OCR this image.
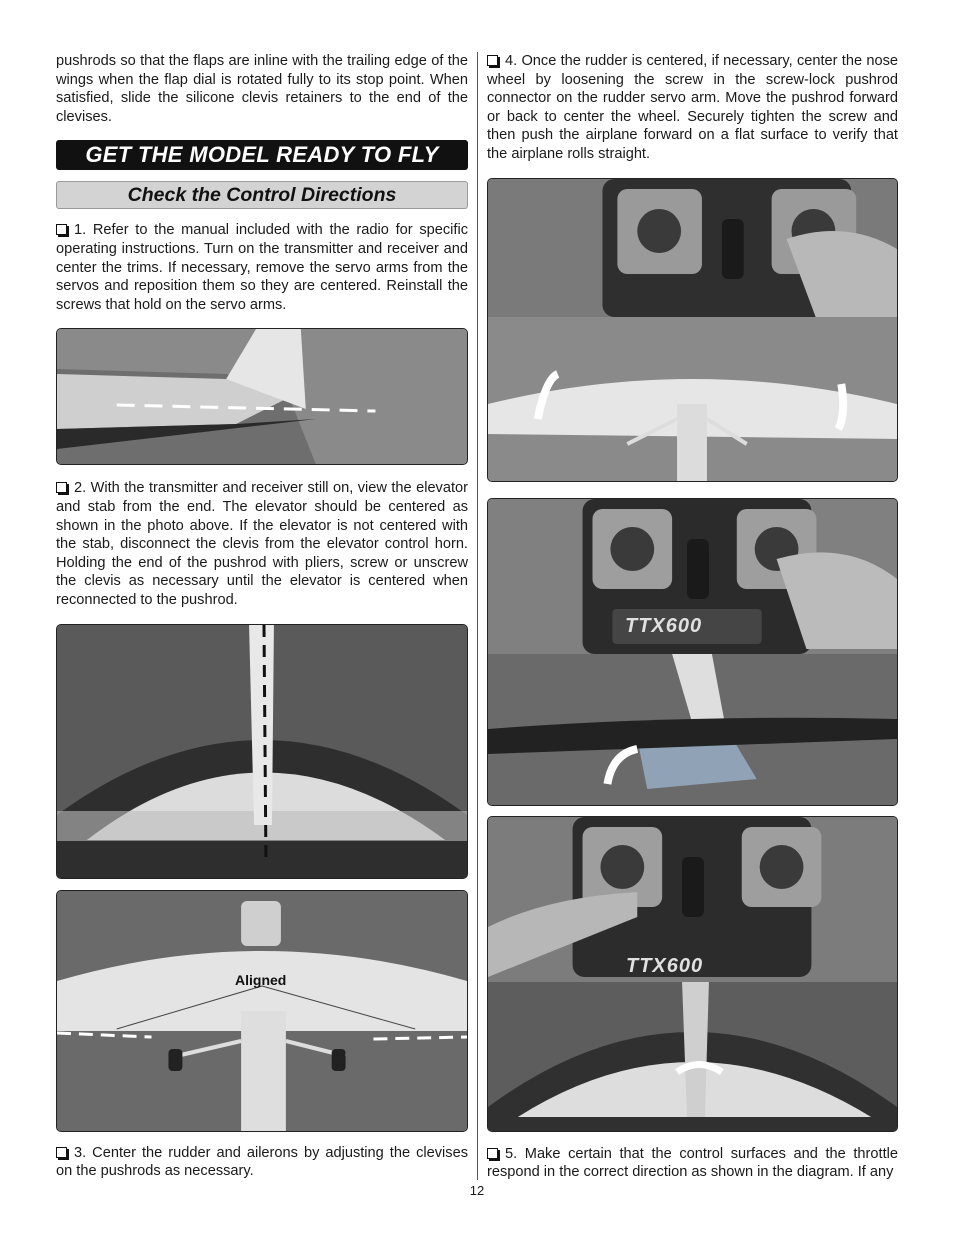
pushrods so that the flaps are inline with the trailing edge of the wings when the flap dial is rotated fully to its stop point. When satisfied, slide the silicone clevis retainers to the end of the clevises.

GET THE MODEL READY TO FLY
Check the Control Directions

1. Refer to the manual included with the radio for specific operating instructions. Turn on the transmitter and receiver and center the trims. If necessary, remove the servo arms from the servos and reposition them so they are centered. Reinstall the screws that hold on the servo arms.

2. With the transmitter and receiver still on, view the elevator and stab from the end. The elevator should be centered as shown in the photo above. If the elevator is not centered with the stab, disconnect the clevis from the elevator control horn. Holding the end of the pushrod with pliers, screw or unscrew the clevis as necessary until the elevator is centered when reconnected to the pushrod.

Aligned

3. Center the rudder and ailerons by adjusting the clevises on the pushrods as necessary.

4. Once the rudder is centered, if necessary, center the nose wheel by loosening the screw in the screw-lock pushrod connector on the rudder servo arm. Move the pushrod forward or back to center the wheel. Securely tighten the screw and then push the airplane forward on a flat surface to verify that the airplane rolls straight.

TTX600
TTX600

5. Make certain that the control surfaces and the throttle respond in the correct direction as shown in the diagram. If any

12
